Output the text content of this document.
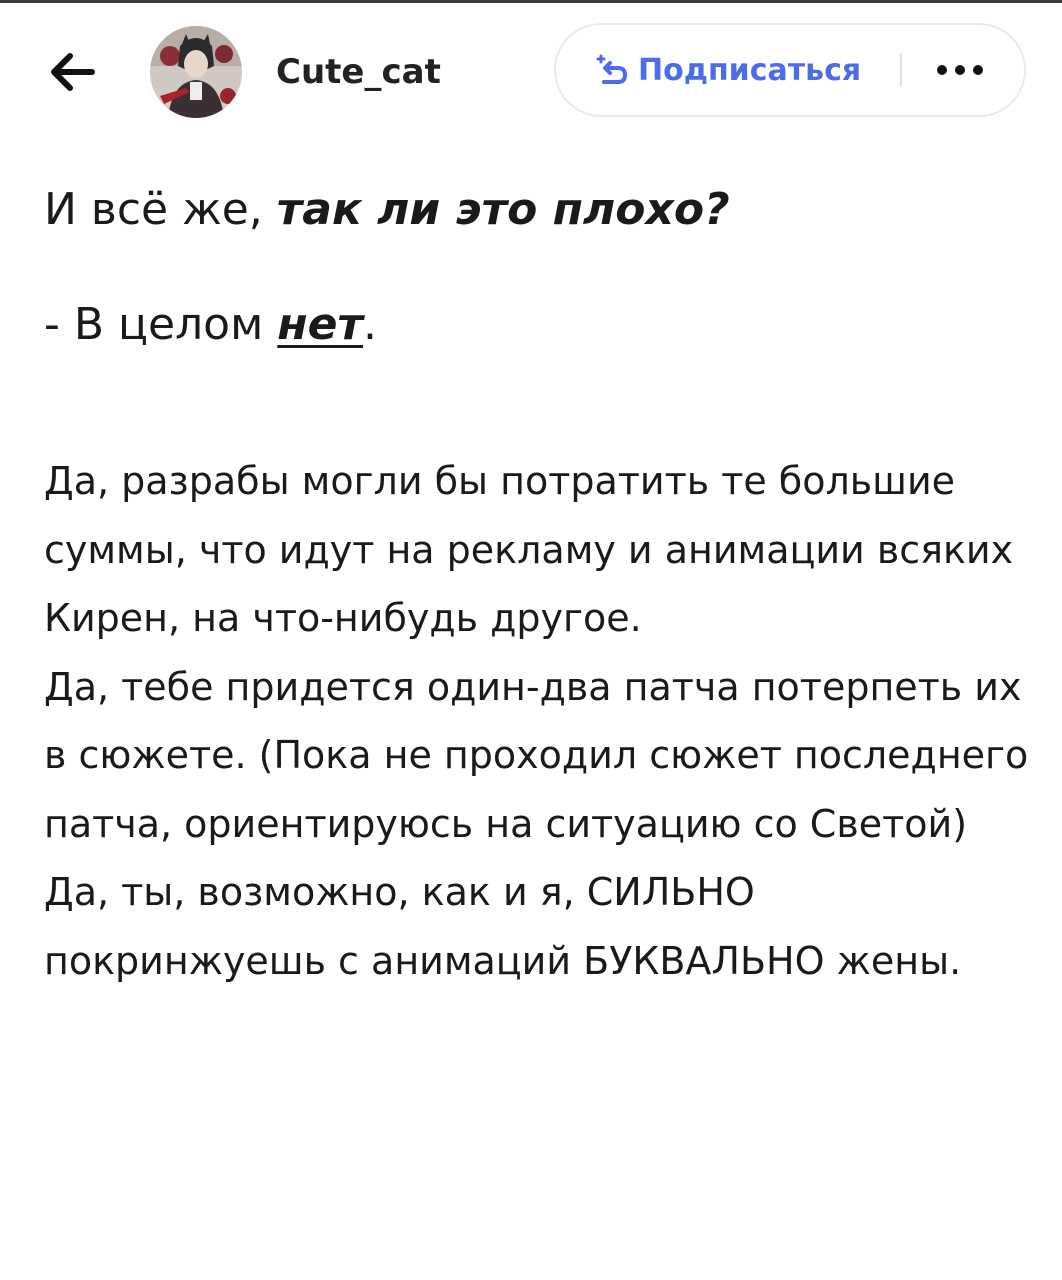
Cute_cat	Подписаться
И всё же, так ли это плохо?
- В целом нет.

Да, разрабы могли бы потратить те большие суммы, что идут на рекламу и анимации всяких Кирен, на что-нибудь другое.

Да, тебе придется один-два патча потерпеть их в сюжете. (Пока не проходил сюжет последнего патча, ориентируюсь на ситуацию со Светой)

Да, ты, возможно, как и я, СИЛЬНО покринжуешь с анимаций БУКВАЛЬНО жены.
